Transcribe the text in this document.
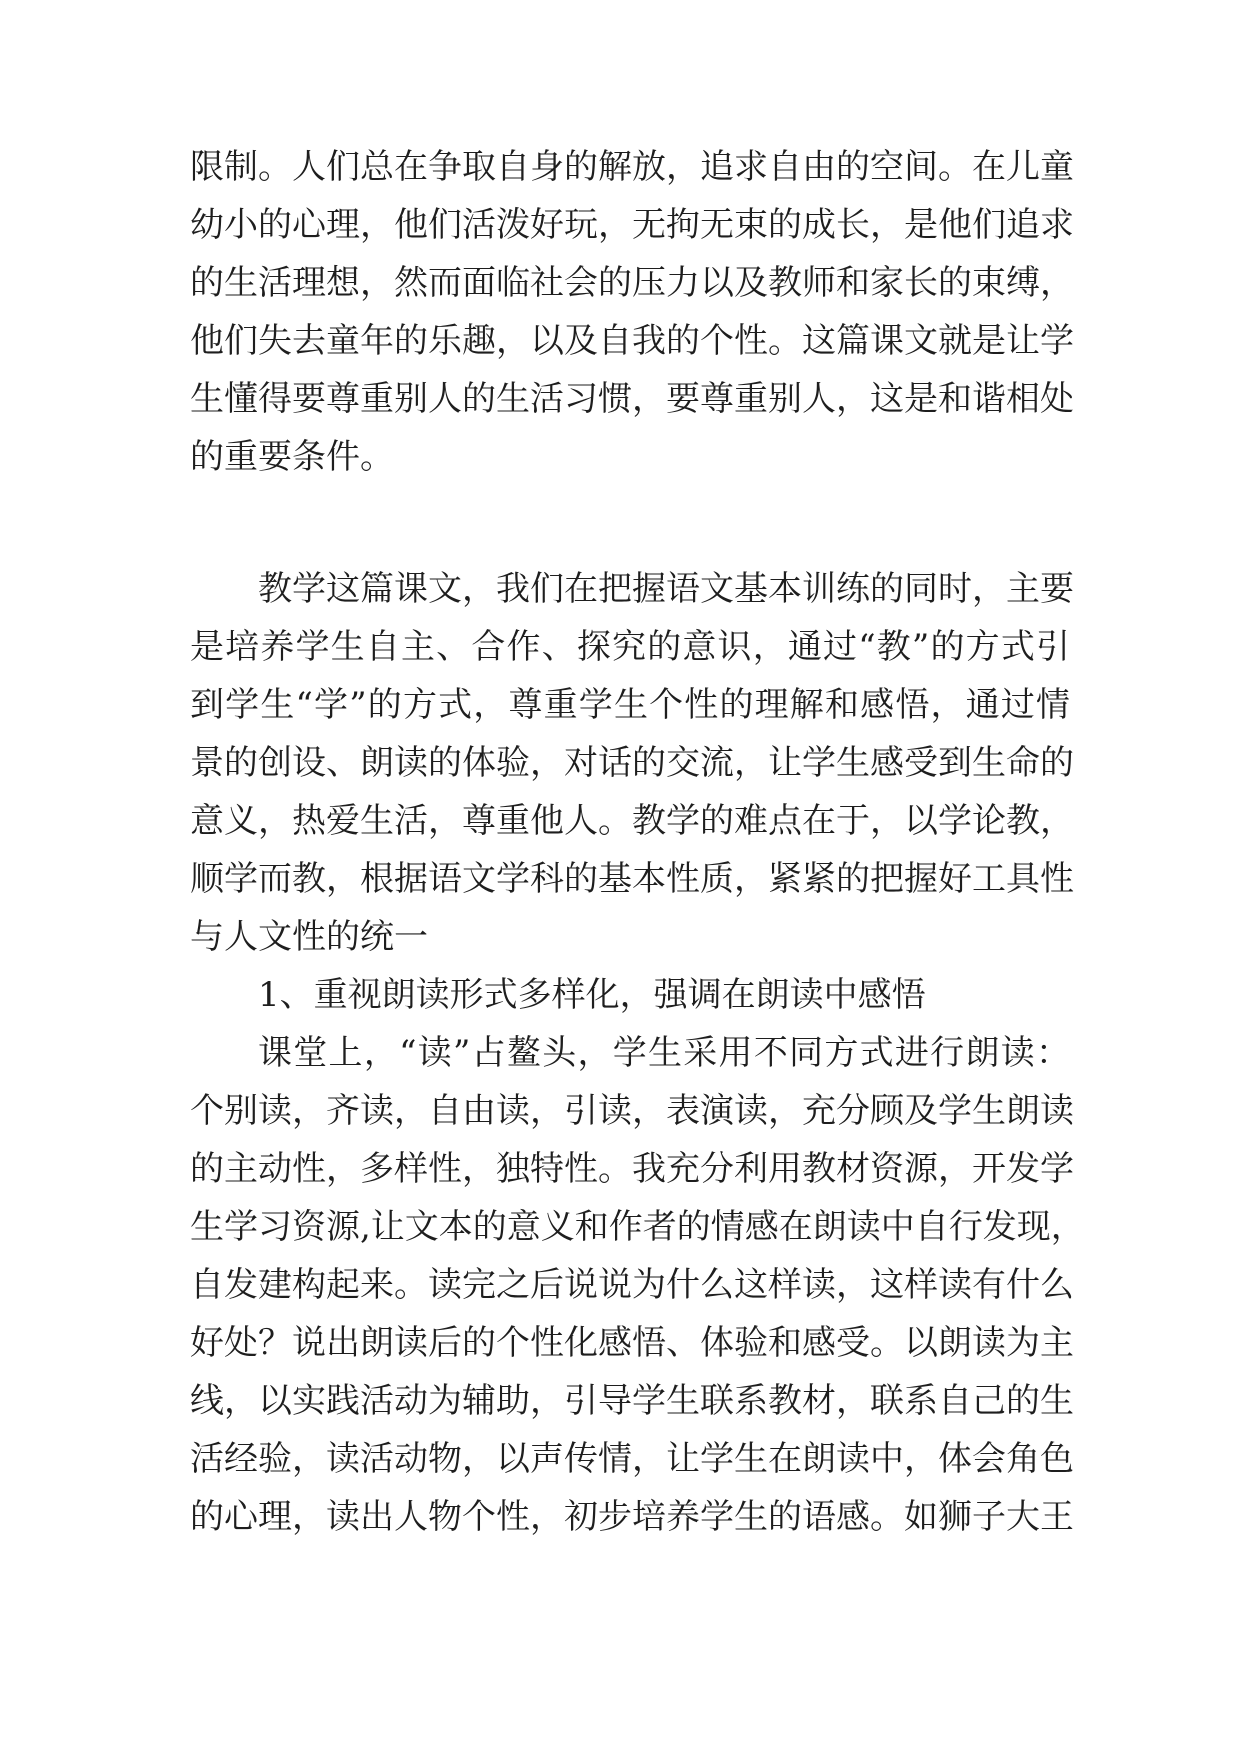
限制。人们总在争取自身的解放，追求自由的空间。在儿童

幼小的心理，他们活泼好玩，无拘无束的成长，是他们追求

的生活理想，然而面临社会的压力以及教师和家长的束缚，

他们失去童年的乐趣，以及自我的个性。这篇课文就是让学

生懂得要尊重别人的生活习惯，要尊重别人，这是和谐相处

的重要条件。

教学这篇课文，我们在把握语文基本训练的同时，主要

是培养学生自主、合作、探究的意识，通过“教”的方式引

到学生“学”的方式，尊重学生个性的理解和感悟，通过情

景的创设、朗读的体验，对话的交流，让学生感受到生命的

意义，热爱生活，尊重他人。教学的难点在于，以学论教，

顺学而教，根据语文学科的基本性质，紧紧的把握好工具性

与人文性的统一

1、重视朗读形式多样化，强调在朗读中感悟

课堂上，“读”占鳌头，学生采用不同方式进行朗读：

个别读，齐读，自由读，引读，表演读，充分顾及学生朗读

的主动性，多样性，独特性。我充分利用教材资源，开发学

生学习资源,让文本的意义和作者的情感在朗读中自行发现，

自发建构起来。读完之后说说为什么这样读，这样读有什么

好处？说出朗读后的个性化感悟、体验和感受。以朗读为主

线，以实践活动为辅助，引导学生联系教材，联系自己的生

活经验，读活动物，以声传情，让学生在朗读中，体会角色

的心理，读出人物个性，初步培养学生的语感。如狮子大王
